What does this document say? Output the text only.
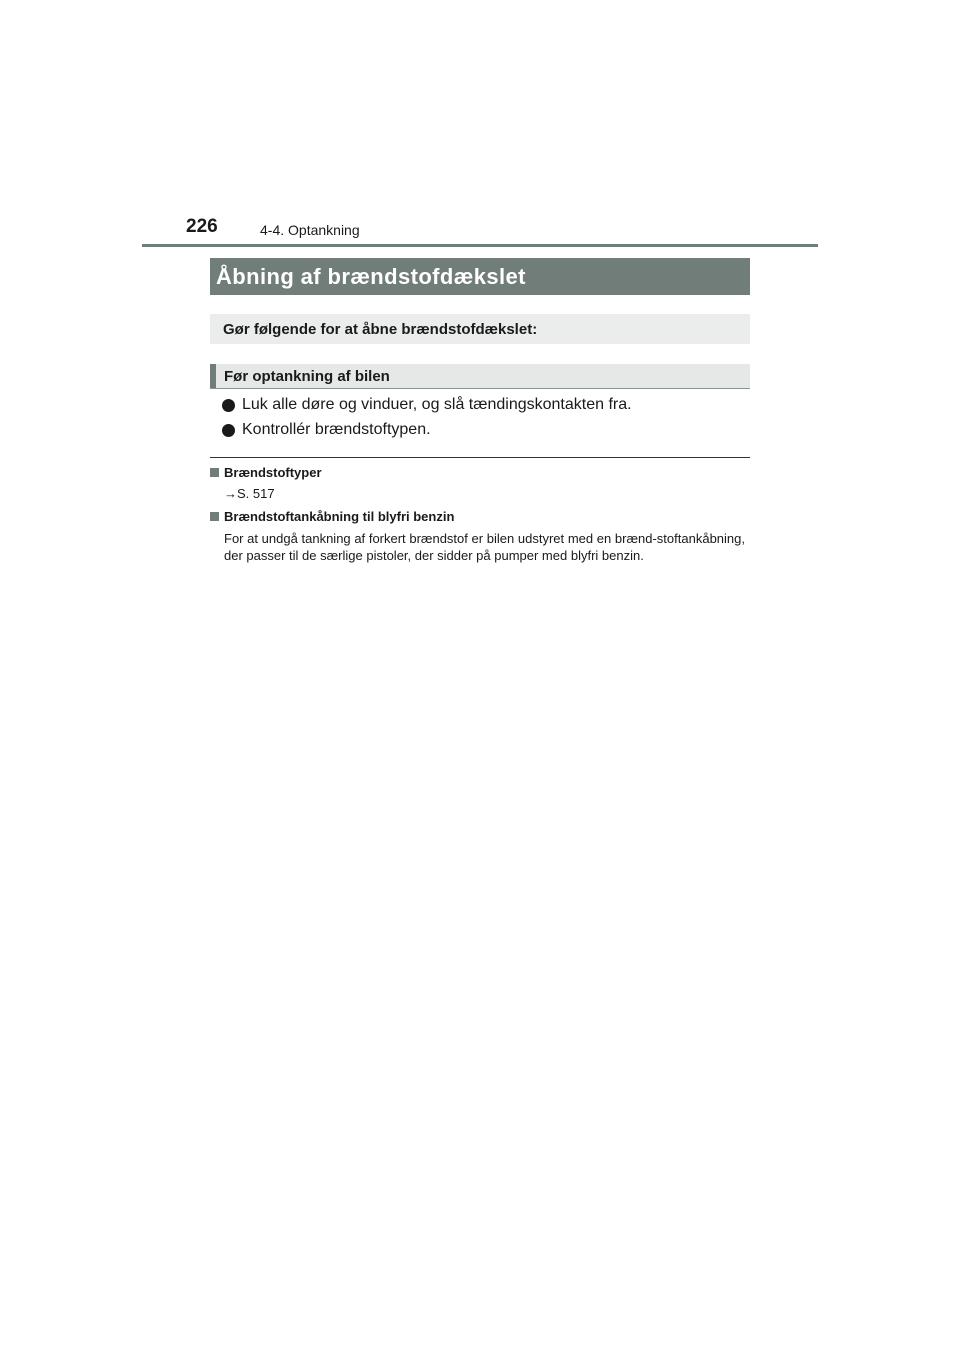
226	4-4. Optankning
Åbning af brændstofdækslet
Gør følgende for at åbne brændstofdækslet:
Før optankning af bilen
Luk alle døre og vinduer, og slå tændingskontakten fra.
Kontrollér brændstoftypen.
Brændstoftyper
→S. 517
Brændstoftankåbning til blyfri benzin
For at undgå tankning af forkert brændstof er bilen udstyret med en brænd-stoftankåbning, der passer til de særlige pistoler, der sidder på pumper med blyfri benzin.
